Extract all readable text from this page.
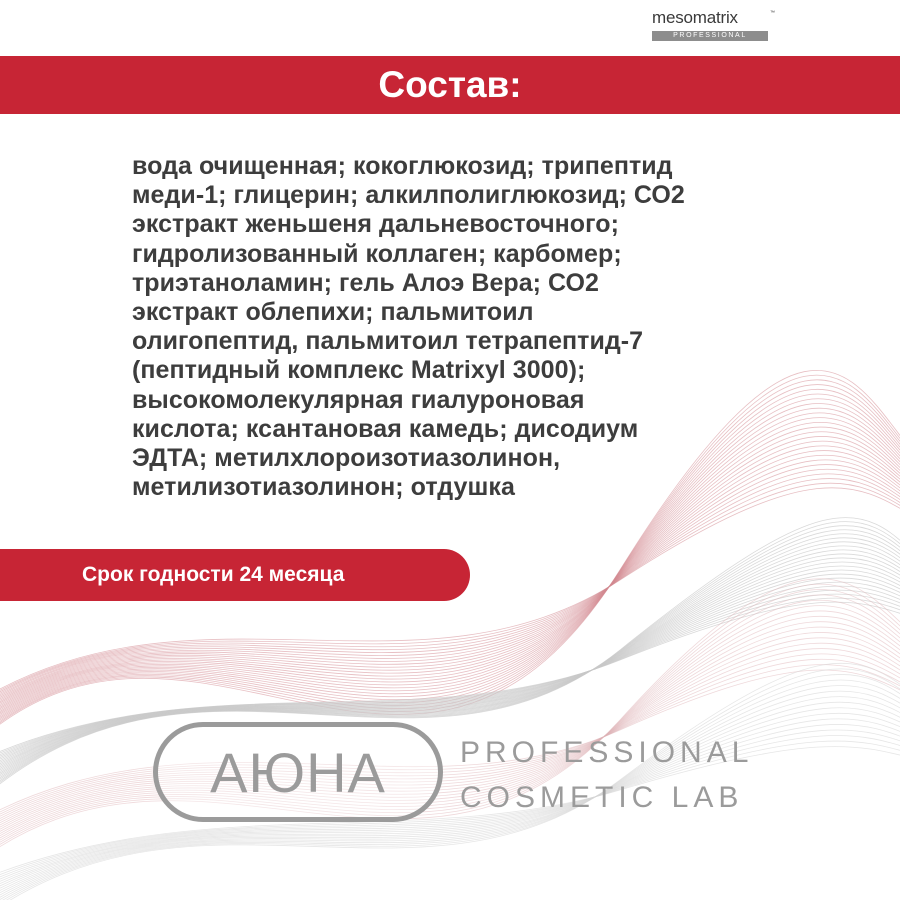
mesomatrix	™
PROFESSIONAL
Состав:
вода очищенная; кокоглюкозид; трипептид
меди-1; глицерин; алкилполиглюкозид; СО2
экстракт женьшеня дальневосточного;
гидролизованный коллаген; карбомер;
триэтаноламин; гель Алоэ Вера; СО2
экстракт облепихи; пальмитоил
олигопептид, пальмитоил тетрапептид-7
(пептидный комплекс Matrixyl 3000);
высокомолекулярная гиалуроновая
кислота; ксантановая камедь; дисодиум
ЭДТА; метилхлороизотиазолинон,
метилизотиазолинон; отдушка
Срок годности 24 месяца
АЮНА PROFESSIONAL
COSMETIC LAB
